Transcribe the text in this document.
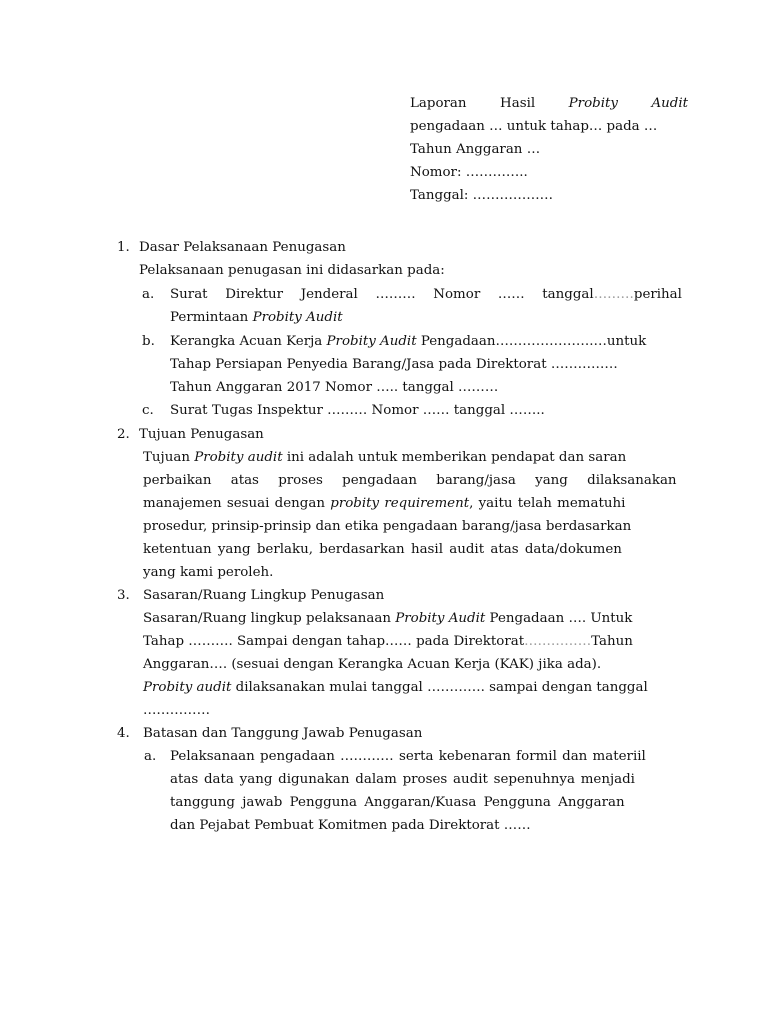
Laporan	Hasil	Probity	Audit
pengadaan … untuk tahap… pada …
Tahun Anggaran …
Nomor: …………..
Tanggal: ………………
1. Dasar Pelaksanaan Penugasan
Pelaksanaan penugasan ini didasarkan pada:
a. Surat Direktur Jenderal ……… Nomor …… tanggal ……… perihal
Permintaan Probity Audit
b. Kerangka Acuan Kerja Probity Audit Pengadaan………………….…untuk
Tahap Persiapan Penyedia Barang/Jasa pada Direktorat ……………
Tahun Anggaran 2017 Nomor ….. tanggal ………
c. Surat Tugas Inspektur ……… Nomor …… tanggal ……..
2. Tujuan Penugasan
Tujuan Probity audit ini adalah untuk memberikan pendapat dan saran
perbaikan atas proses pengadaan barang/jasa yang dilaksanakan
manajemen sesuai dengan probity requirement, yaitu telah mematuhi
prosedur, prinsip-prinsip dan etika pengadaan barang/jasa berdasarkan
ketentuan yang berlaku, berdasarkan hasil audit atas data/dokumen
yang kami peroleh.
3. Sasaran/Ruang Lingkup Penugasan
Sasaran/Ruang lingkup pelaksanaan Probity Audit Pengadaan …. Untuk
Tahap ………. Sampai dengan tahap…… pada Direktorat……………Tahun
Anggaran…. (sesuai dengan Kerangka Acuan Kerja (KAK) jika ada).
Probity audit dilaksanakan mulai tanggal …………. sampai dengan tanggal
……………
4. Batasan dan Tanggung Jawab Penugasan
a. Pelaksanaan pengadaan ………… serta kebenaran formil dan materiil
atas data yang digunakan dalam proses audit sepenuhnya menjadi
tanggung jawab Pengguna Anggaran/Kuasa Pengguna Anggaran
dan Pejabat Pembuat Komitmen pada Direktorat ……
